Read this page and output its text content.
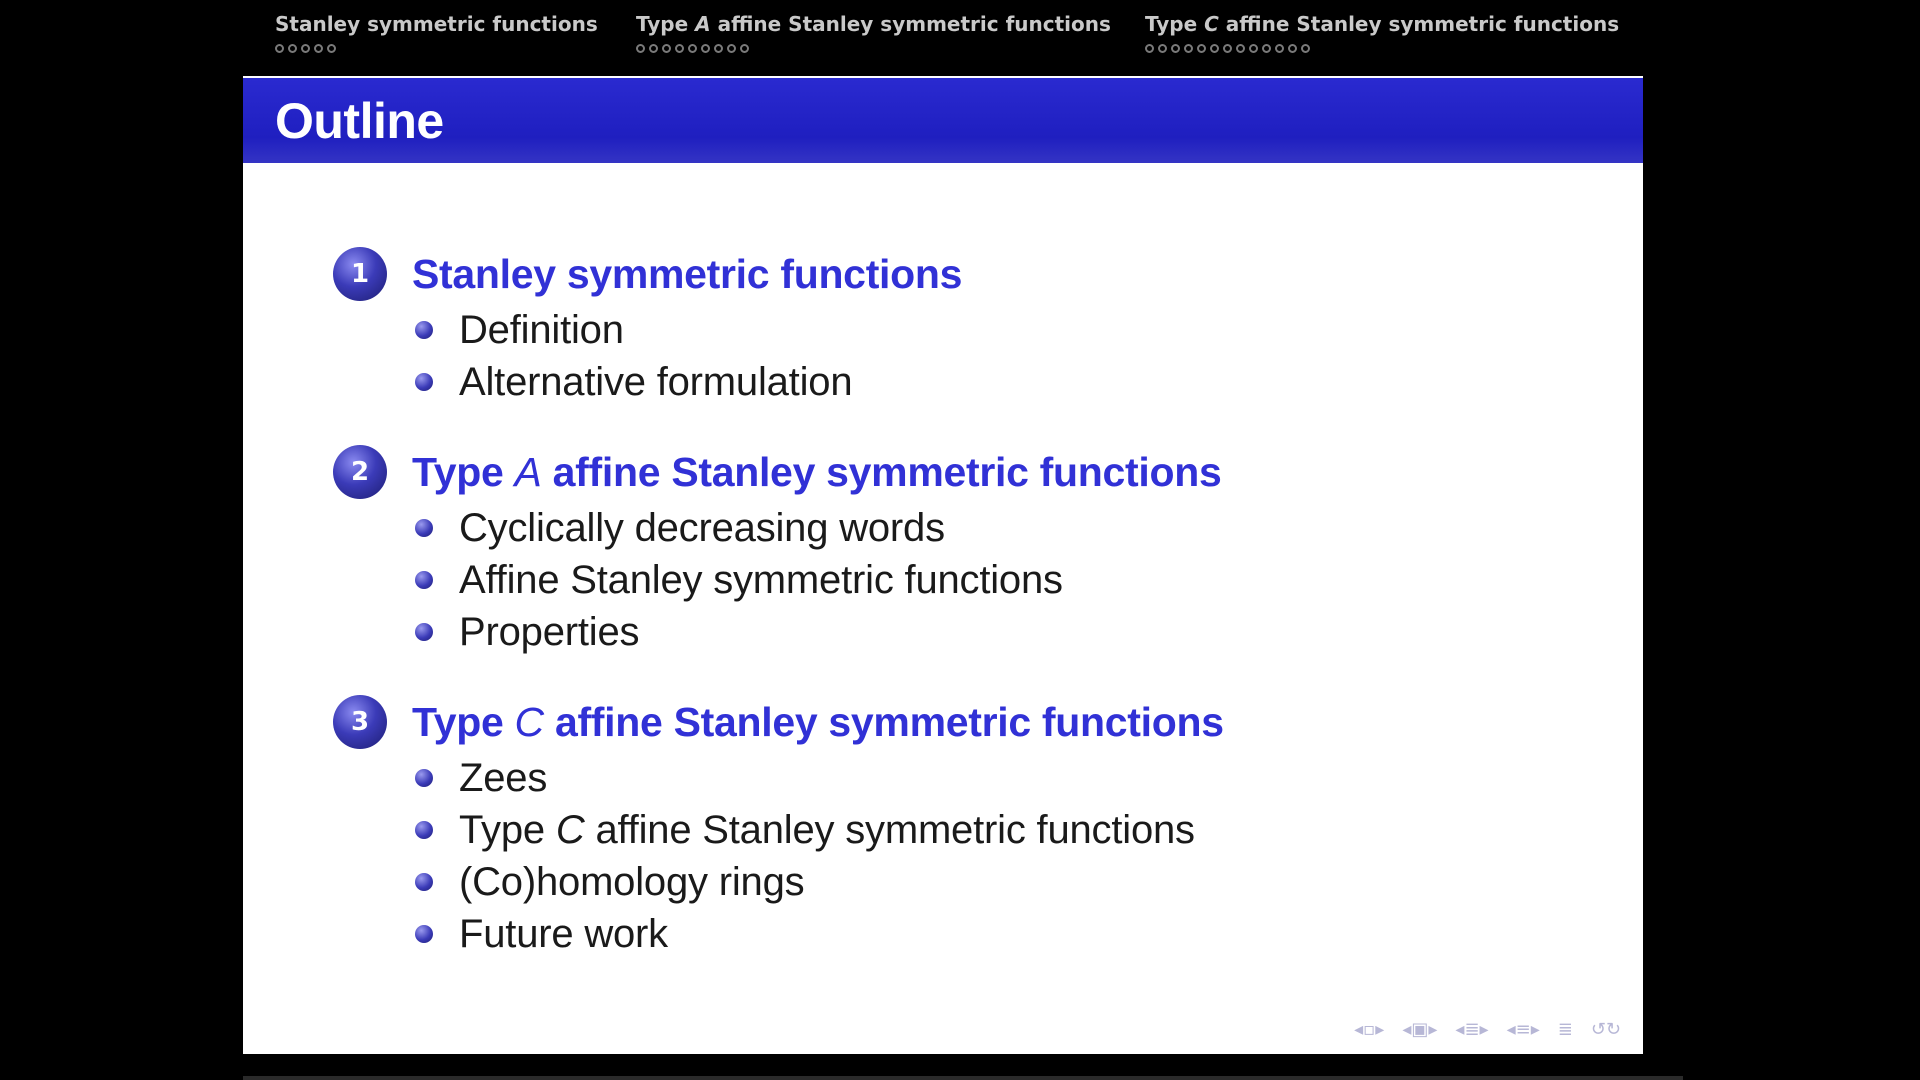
Stanley symmetric functions Type A affine Stanley symmetric functions Type C affine Stanley symmetric functions
Outline
1	Stanley symmetric functions
Definition
Alternative formulation
2	Type A affine Stanley symmetric functions
Cyclically decreasing words
Affine Stanley symmetric functions
Properties
3	Type C affine Stanley symmetric functions
Zees
Type C affine Stanley symmetric functions
(Co)homology rings
Future work
◂▫▸ ◂▣▸ ◂≣▸ ◂≡▸ ≣ ↺↻
